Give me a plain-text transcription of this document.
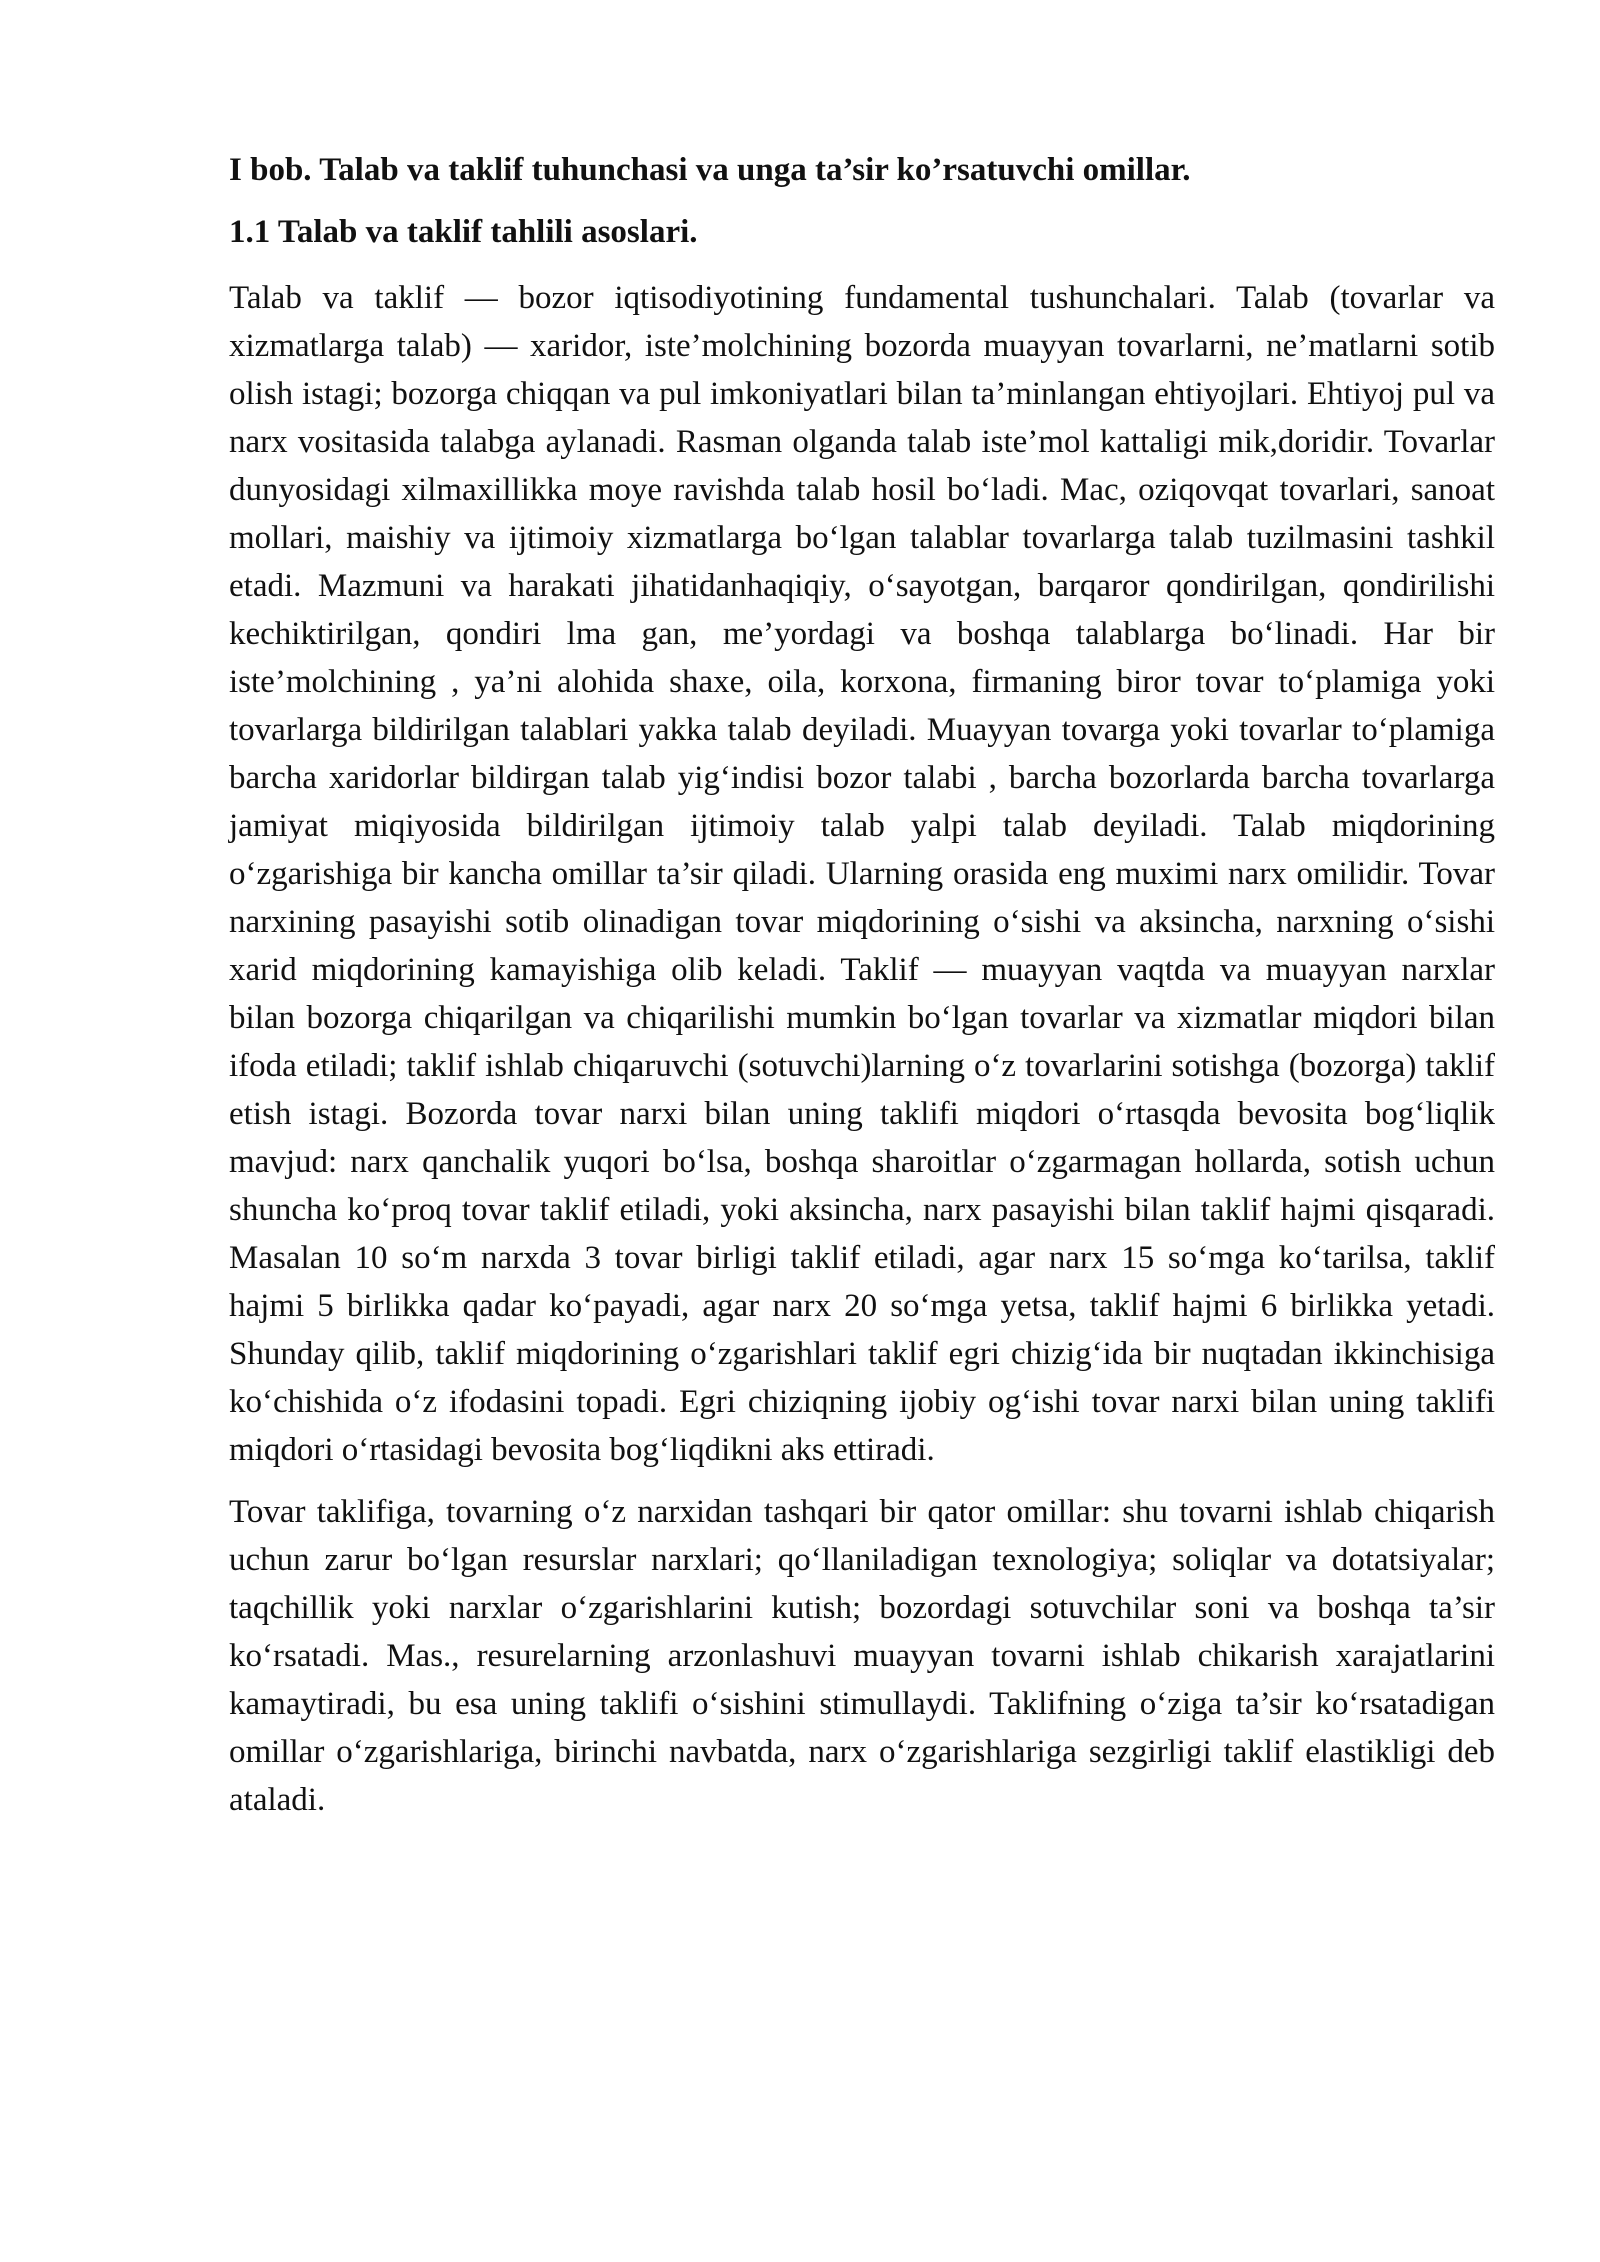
I bob. Talab va taklif tuhunchasi va unga ta’sir ko’rsatuvchi omillar.

1.1 Talab va taklif tahlili asoslari.

Talab va taklif — bozor iqtisodiyotining fundamental tushunchalari. Talab (tovarlar va xizmatlarga talab) — xaridor, iste’molchining bozorda muayyan tovarlarni, ne’matlarni sotib olish istagi; bozorga chiqqan va pul imkoniyatlari bilan ta’minlangan ehtiyojlari. Ehtiyoj pul va narx vositasida talabga aylanadi. Rasman olganda talab iste’mol kattaligi mik,doridir. Tovarlar dunyosidagi xilmaxillikka moye ravishda talab hosil boʻladi. Mac, oziqovqat tovarlari, sanoat mollari, maishiy va ijtimoiy xizmatlarga boʻlgan talablar tovarlarga talab tuzilmasini tashkil etadi. Mazmuni va harakati jihatidanhaqiqiy, oʻsayotgan, barqaror qondirilgan, qondirilishi kechiktirilgan, qondiri lma gan, me’yordagi va boshqa talablarga boʻlinadi. Har bir iste’molchining , ya’ni alohida shaxe, oila, korxona, firmaning biror tovar toʻplamiga yoki tovarlarga bildirilgan talablari yakka talab deyiladi. Muayyan tovarga yoki tovarlar toʻplamiga barcha xaridorlar bildirgan talab yigʻindisi bozor talabi , barcha bozorlarda barcha tovarlarga jamiyat miqiyosida bildirilgan ijtimoiy talab yalpi talab deyiladi. Talab miqdorining oʻzgarishiga bir kancha omillar ta’sir qiladi. Ularning orasida eng muximi narx omilidir. Tovar narxining pasayishi sotib olinadigan tovar miqdorining oʻsishi va aksincha, narxning oʻsishi xarid miqdorining kamayishiga olib keladi. Taklif — muayyan vaqtda va muayyan narxlar bilan bozorga chiqarilgan va chiqarilishi mumkin boʻlgan tovarlar va xizmatlar miqdori bilan ifoda etiladi; taklif ishlab chiqaruvchi (sotuvchi)larning oʻz tovarlarini sotishga (bozorga) taklif etish istagi. Bozorda tovar narxi bilan uning taklifi miqdori oʻrtasqda bevosita bogʻliqlik mavjud: narx qanchalik yuqori boʻlsa, boshqa sharoitlar oʻzgarmagan hollarda, sotish uchun shuncha koʻproq tovar taklif etiladi, yoki aksincha, narx pasayishi bilan taklif hajmi qisqaradi. Masalan 10 soʻm narxda 3 tovar birligi taklif etiladi, agar narx 15 soʻmga koʻtarilsa, taklif hajmi 5 birlikka qadar koʻpayadi, agar narx 20 soʻmga yetsa, taklif hajmi 6 birlikka yetadi. Shunday qilib, taklif miqdorining oʻzgarishlari taklif egri chizigʻida bir nuqtadan ikkinchisiga koʻchishida oʻz ifodasini topadi. Egri chiziqning ijobiy ogʻishi tovar narxi bilan uning taklifi miqdori oʻrtasidagi bevosita bogʻliqdikni aks ettiradi.

Tovar taklifiga, tovarning oʻz narxidan tashqari bir qator omillar: shu tovarni ishlab chiqarish uchun zarur boʻlgan resurslar narxlari; qoʻllaniladigan texnologiya; soliqlar va dotatsiyalar; taqchillik yoki narxlar oʻzgarishlarini kutish; bozordagi sotuvchilar soni va boshqa ta’sir koʻrsatadi. Mas., resurelarning arzonlashuvi muayyan tovarni ishlab chikarish xarajatlarini kamaytiradi, bu esa uning taklifi oʻsishini stimullaydi. Taklifning oʻziga ta’sir koʻrsatadigan omillar oʻzgarishlariga, birinchi navbatda, narx oʻzgarishlariga sezgirligi taklif elastikligi deb ataladi.
